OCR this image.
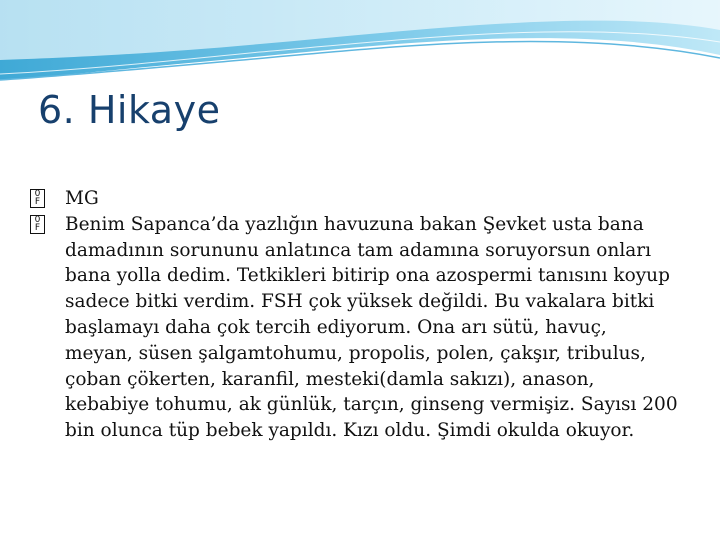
6. Hikaye
0
F MG
0
F Benim Sapanca’da yazlığın havuzuna bakan Şevket usta bana damadının sorununu anlatınca tam adamına soruyorsun onları bana yolla dedim. Tetkikleri bitirip ona azospermi tanısını koyup sadece bitki verdim. FSH çok yüksek değildi. Bu vakalara bitki başlamayı daha çok tercih ediyorum. Ona arı sütü, havuç, meyan, süsen şalgamtohumu, propolis, polen, çakşır, tribulus, çoban çökerten, karanfil, mesteki(damla sakızı), anason, kebabiye tohumu, ak günlük, tarçın, ginseng vermişiz. Sayısı 200 bin olunca tüp bebek yapıldı. Kızı oldu. Şimdi okulda okuyor.
